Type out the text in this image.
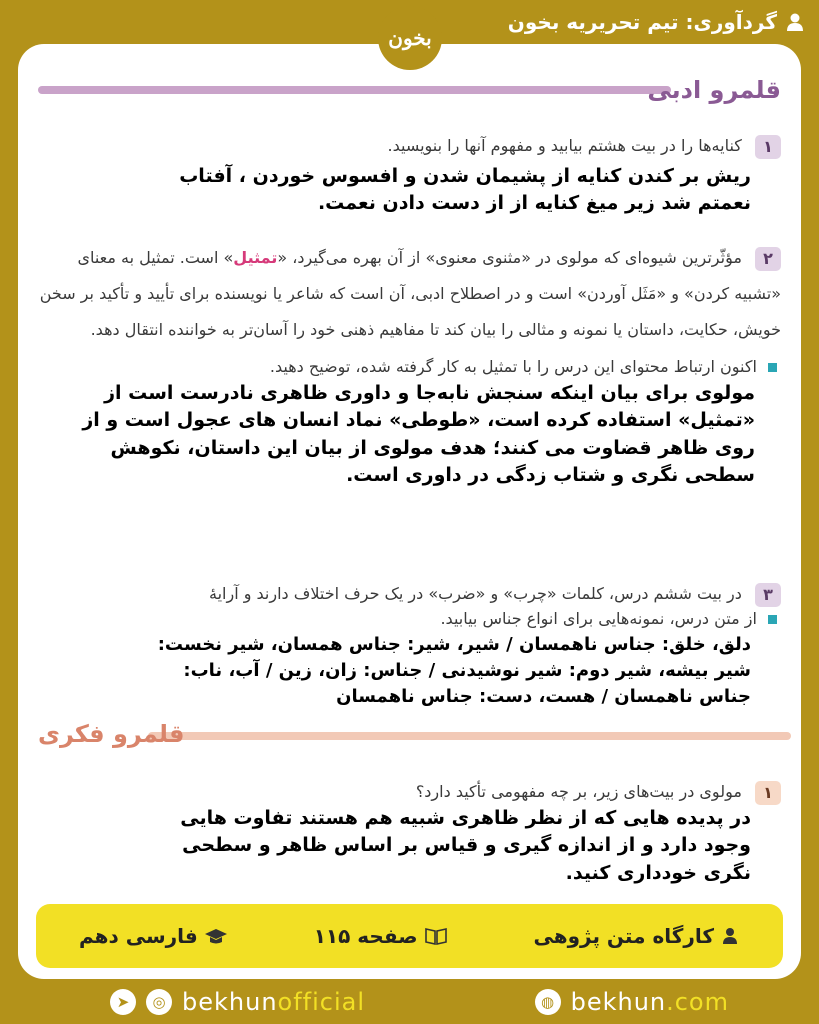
گردآوری: تیم تحریریه بخون
قلمرو ادبی
۱ کنایه‌ها را در بیت هشتم بیابید و مفهوم آنها را بنویسید.
ریش بر کندن کنایه از پشیمان شدن و افسوس خوردن ، آفتاب
نعمتم شد زیر میغ کنایه از از دست دادن نعمت.
۲ مؤثّرترین شیوه‌ای که مولوی در «مثنوی معنوی» از آن بهره می‌گیرد، «تمثیل» است. تمثیل به معنای «تشبیه کردن» و «مَثَل آوردن» است و در اصطلاح ادبی، آن است که شاعر یا نویسنده برای تأیید و تأکید بر سخن خویش، حکایت، داستان یا نمونه و مثالی را بیان کند تا مفاهیم ذهنی خود را آسان‌تر به خواننده انتقال دهد.
اکنون ارتباط محتوای این درس را با تمثیل به کار گرفته شده، توضیح دهید.
مولوی برای بیان اینکه سنجش نابه‌جا و داوری ظاهری نادرست است از «تمثیل» استفاده کرده است، «طوطی» نماد انسان های عجول است و از روی ظاهر قضاوت می کنند؛ هدف مولوی از بیان این داستان، نکوهش سطحی نگری و شتاب زدگی در داوری است.
۳ در بیت ششم درس، کلمات «چرب» و «ضرب» در یک حرف اختلاف دارند و آرایهٔ
از متن درس، نمونه‌هایی برای انواع جناس بیابید.
دلق، خلق: جناس ناهمسان / شیر، شیر: جناس همسان، شیر نخست:
شیر بیشه، شیر دوم: شیر نوشیدنی / جناس: زان، زین / آب، ناب:
جناس ناهمسان / هست، دست: جناس ناهمسان
قلمرو فکری
۱ مولوی در بیت‌های زیر، بر چه مفهومی تأکید دارد؟
در پدیده هایی که از نظر ظاهری شبیه هم هستند تفاوت هایی وجود دارد و از اندازه گیری و قیاس بر اساس ظاهر و سطحی نگری خودداری کنید.
بخون
کارگاه متن پژوهی
صفحه ۱۱۵
فارسی دهم
➤	◎ bekhunofficial	◍ bekhun.com
